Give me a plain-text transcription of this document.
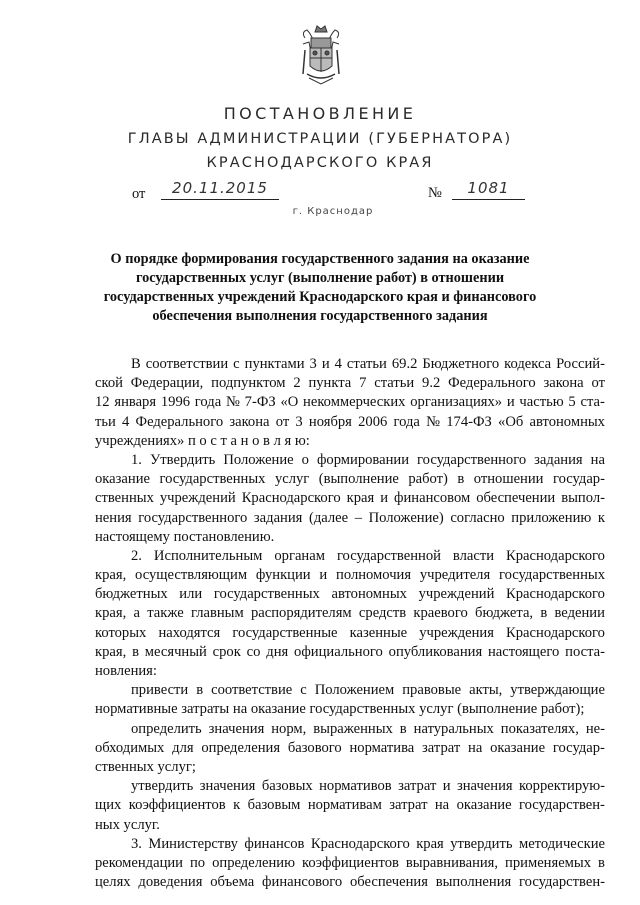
ПОСТАНОВЛЕНИЕ
ГЛАВЫ АДМИНИСТРАЦИИ (ГУБЕРНАТОРА)
КРАСНОДАРСКОГО КРАЯ
от	20.11.2015	№	1081
г. Краснодар
О порядке формирования государственного задания на оказание
государственных услуг (выполнение работ) в отношении
государственных учреждений Краснодарского края и финансового
обеспечения выполнения государственного задания
В соответствии с пунктами 3 и 4 статьи 69.2 Бюджетного кодекса Россий-
ской Федерации, подпунктом 2 пункта 7 статьи 9.2 Федерального закона от
12 января 1996 года № 7-ФЗ «О некоммерческих организациях» и частью 5 ста-
тьи 4 Федерального закона от 3 ноября 2006 года № 174-ФЗ «Об автономных
учреждениях» п о с т а н о в л я ю:
1. Утвердить Положение о формировании государственного задания на
оказание государственных услуг (выполнение работ) в отношении государ-
ственных учреждений Краснодарского края и финансовом обеспечении выпол-
нения государственного задания (далее – Положение) согласно приложению к
настоящему постановлению.
2. Исполнительным органам государственной власти Краснодарского
края, осуществляющим функции и полномочия учредителя государственных
бюджетных или государственных автономных учреждений Краснодарского
края, а также главным распорядителям средств краевого бюджета, в ведении
которых находятся государственные казенные учреждения Краснодарского
края, в месячный срок со дня официального опубликования настоящего поста-
новления:
привести в соответствие с Положением правовые акты, утверждающие
нормативные затраты на оказание государственных услуг (выполнение работ);
определить значения норм, выраженных в натуральных показателях, не-
обходимых для определения базового норматива затрат на оказание государ-
ственных услуг;
утвердить значения базовых нормативов затрат и значения корректирую-
щих коэффициентов к базовым нормативам затрат на оказание государствен-
ных услуг.
3. Министерству финансов Краснодарского края утвердить методические
рекомендации по определению коэффициентов выравнивания, применяемых в
целях доведения объема финансового обеспечения выполнения государствен-
